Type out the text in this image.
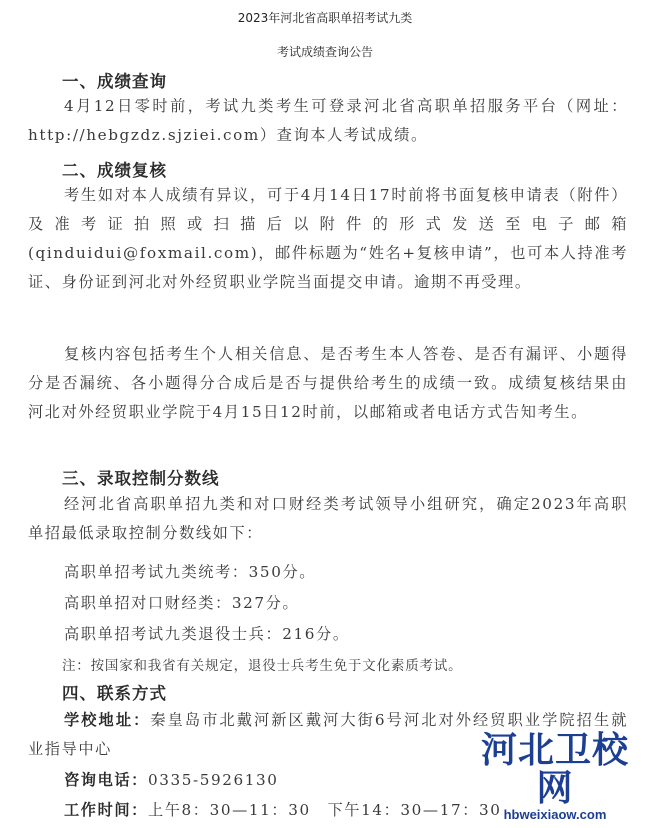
2023年河北省高职单招考试九类
考试成绩查询公告
一、成绩查询

4月12日零时前，考试九类考生可登录河北省高职单招服务平台（网址：http://hebgzdz.sjziei.com）查询本人考试成绩。

二、成绩复核

考生如对本人成绩有异议，可于4月14日17时前将书面复核申请表（附件）及准考证拍照或扫描后以附件的形式发送至电子邮箱(qinduidui@foxmail.com)，邮件标题为“姓名+复核申请”，也可本人持准考证、身份证到河北对外经贸职业学院当面提交申请。逾期不再受理。

复核内容包括考生个人相关信息、是否考生本人答卷、是否有漏评、小题得分是否漏统、各小题得分合成后是否与提供给考生的成绩一致。成绩复核结果由河北对外经贸职业学院于4月15日12时前，以邮箱或者电话方式告知考生。

三、录取控制分数线

经河北省高职单招九类和对口财经类考试领导小组研究，确定2023年高职单招最低录取控制分数线如下：

高职单招考试九类统考：350分。
高职单招对口财经类：327分。
高职单招考试九类退役士兵：216分。
注：按国家和我省有关规定，退役士兵考生免于文化素质考试。
四、联系方式

学校地址：秦皇岛市北戴河新区戴河大街6号河北对外经贸职业学院招生就业指导中心

咨询电话：0335-5926130
工作时间：上午8：30—11：30　下午14：30—17：30
河北卫校网
hbweixiaow.com
